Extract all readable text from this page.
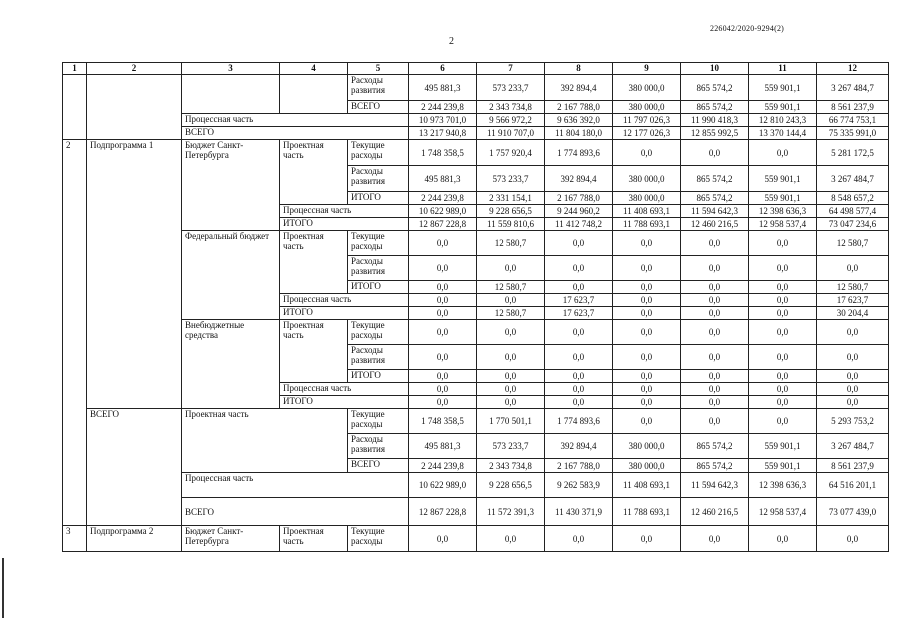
226042/2020-9294(2)
2
1	2	3	4	5	6	7	8	9	10	11	12
				Расходы развития	495 881,3	573 233,7	392 894,4	380 000,0	865 574,2	559 901,1	3 267 484,7
				ВСЕГО	2 244 239,8	2 343 734,8	2 167 788,0	380 000,0	865 574,2	559 901,1	8 561 237,9
		Процессная часть			10 973 701,0	9 566 972,2	9 636 392,0	11 797 026,3	11 990 418,3	12 810 243,3	66 774 753,1
		ВСЕГО			13 217 940,8	11 910 707,0	11 804 180,0	12 177 026,3	12 855 992,5	13 370 144,4	75 335 991,0
2	Подпрограмма 1	Бюджет Санкт-Петербурга	Проектная часть	Текущие расходы	1 748 358,5	1 757 920,4	1 774 893,6	0,0	0,0	0,0	5 281 172,5
				Расходы развития	495 881,3	573 233,7	392 894,4	380 000,0	865 574,2	559 901,1	3 267 484,7
				ИТОГО	2 244 239,8	2 331 154,1	2 167 788,0	380 000,0	865 574,2	559 901,1	8 548 657,2
			Процессная часть		10 622 989,0	9 228 656,5	9 244 960,2	11 408 693,1	11 594 642,3	12 398 636,3	64 498 577,4
			ИТОГО		12 867 228,8	11 559 810,6	11 412 748,2	11 788 693,1	12 460 216,5	12 958 537,4	73 047 234,6
		Федеральный бюджет	Проектная часть	Текущие расходы	0,0	12 580,7	0,0	0,0	0,0	0,0	12 580,7
				Расходы развития	0,0	0,0	0,0	0,0	0,0	0,0	0,0
				ИТОГО	0,0	12 580,7	0,0	0,0	0,0	0,0	12 580,7
			Процессная часть		0,0	0,0	17 623,7	0,0	0,0	0,0	17 623,7
			ИТОГО		0,0	12 580,7	17 623,7	0,0	0,0	0,0	30 204,4
		Внебюджетные средства	Проектная часть	Текущие расходы	0,0	0,0	0,0	0,0	0,0	0,0	0,0
				Расходы развития	0,0	0,0	0,0	0,0	0,0	0,0	0,0
				ИТОГО	0,0	0,0	0,0	0,0	0,0	0,0	0,0
			Процессная часть		0,0	0,0	0,0	0,0	0,0	0,0	0,0
			ИТОГО		0,0	0,0	0,0	0,0	0,0	0,0	0,0
	ВСЕГО	Проектная часть		Текущие расходы	1 748 358,5	1 770 501,1	1 774 893,6	0,0	0,0	0,0	5 293 753,2
				Расходы развития	495 881,3	573 233,7	392 894,4	380 000,0	865 574,2	559 901,1	3 267 484,7
				ВСЕГО	2 244 239,8	2 343 734,8	2 167 788,0	380 000,0	865 574,2	559 901,1	8 561 237,9
		Процессная часть			10 622 989,0	9 228 656,5	9 262 583,9	11 408 693,1	11 594 642,3	12 398 636,3	64 516 201,1
		ВСЕГО			12 867 228,8	11 572 391,3	11 430 371,9	11 788 693,1	12 460 216,5	12 958 537,4	73 077 439,0
3	Подпрограмма 2	Бюджет Санкт-Петербурга	Проектная часть	Текущие расходы	0,0	0,0	0,0	0,0	0,0	0,0	0,0
